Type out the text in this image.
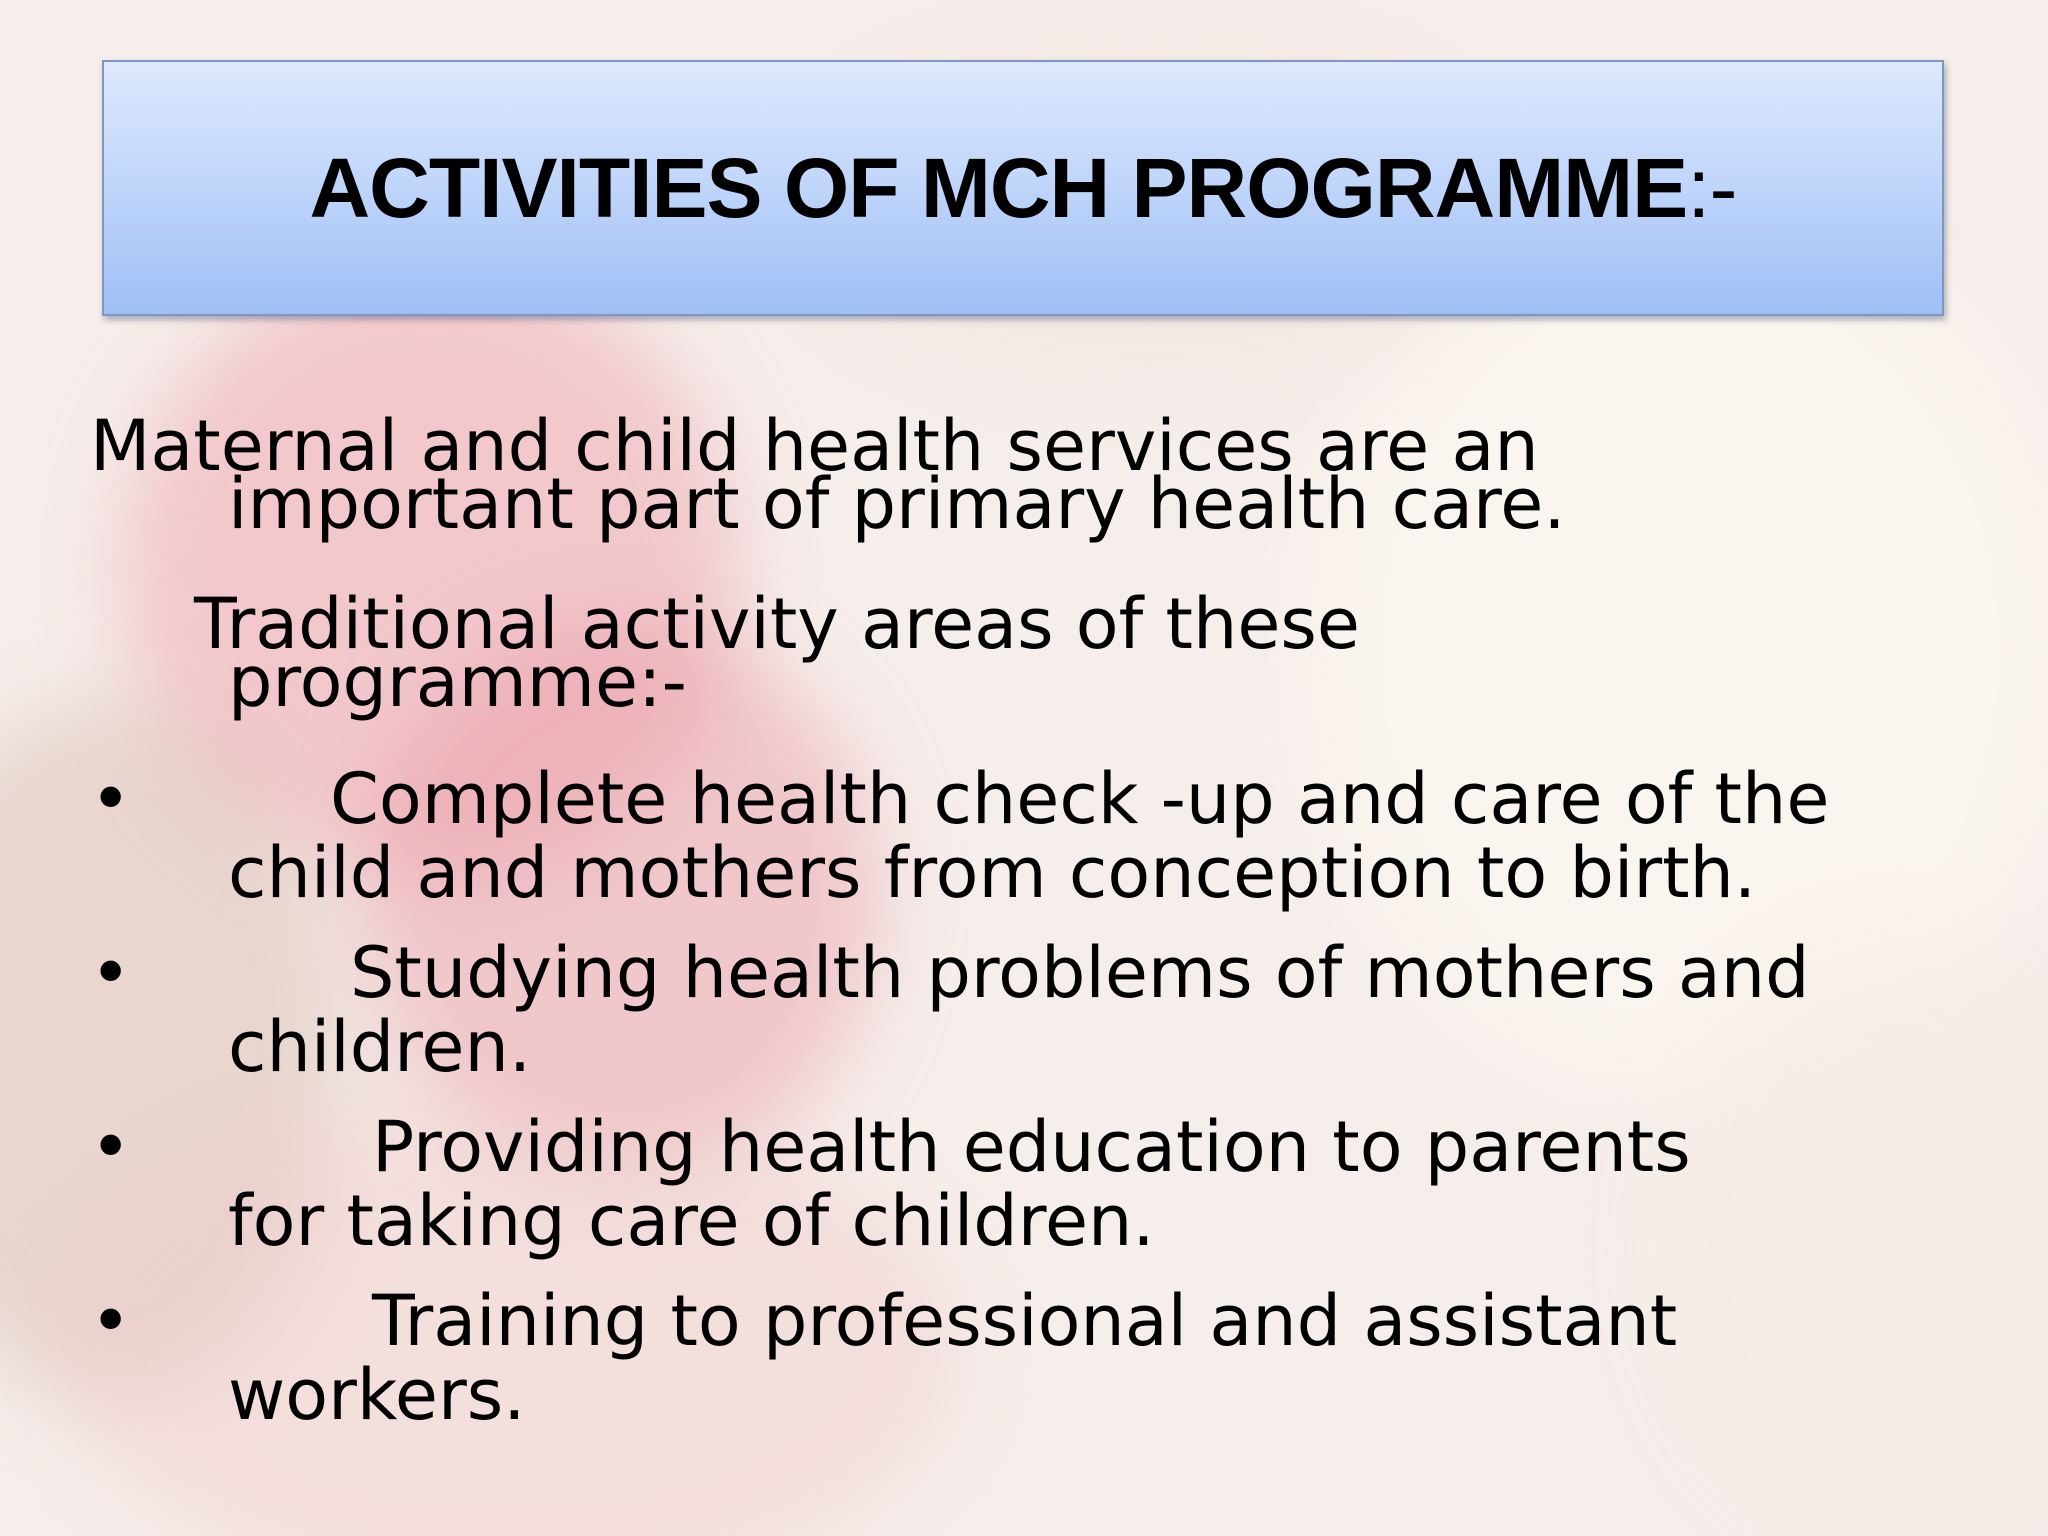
ACTIVITIES OF MCH PROGRAMME:-
Maternal and child health services are an
important part of primary health care.
Traditional activity areas of these
programme:-
•	Complete health check -up and care of the
child and mothers from conception to birth.
•	Studying health problems of mothers and
children.
•	Providing health education to parents
for taking care of children.
•	Training to professional and assistant
workers.
